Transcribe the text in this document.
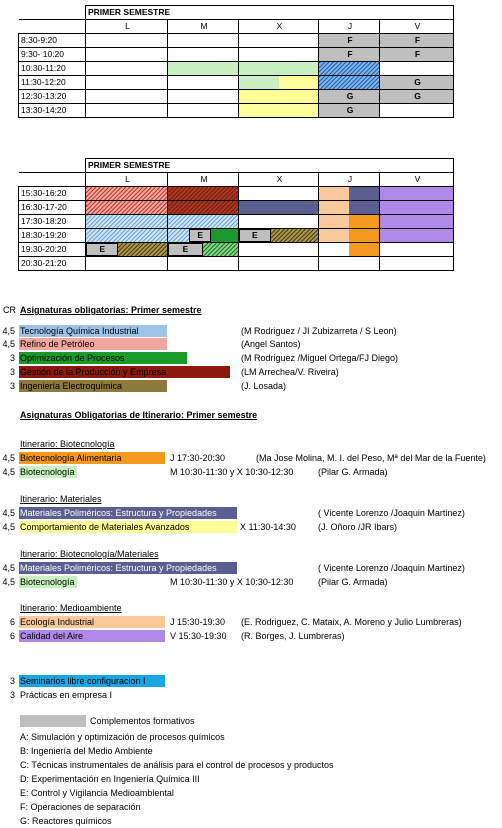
	PRIMER SEMESTRE				
	L	M	X	J	V
8:30-9:20				F	F
9:30- 10:20				F	F
10:30-11:20					
11:30-12:20					G
12:30-13:20				G	G
13:30-14:20				G	
	PRIMER SEMESTRE				
	L	M	X	J	V
15:30-16:20				

16:30-17-20				

17:30-18:20				

18:30-19:20		E	E		

19:30-20:20	E	E			

20:30-21:20					
CR Asignaturas obligatorias: Primer semestre
4,5 Tecnología Química Industrial	(M Rodriguez / JI Zubizarreta / S Leon)
4,5 Refino de Petróleo	(Angel Santos)
3 Optimización de Procesos	(M Rodriguez /Miguel Ortega/FJ Diego)
3 Gestión de la Producción y Empresa	(LM Arrechea/V. Riveira)
3 Ingeniería Electroquímica	(J. Losada)
Asignaturas Obligatorias de Itinerario: Primer semestre
Itinerario: Biotecnología
4,5 Biotecnología Alimentaria	J 17:30-20:30	(Ma Jose Molina, M. I. del Peso, Mª del Mar de la Fuente)
4,5 Biotecnología	M 10:30-11:30 y X 10:30-12:30	(Pilar G. Armada)
Itinerario: Materiales
4,5 Materiales Poliméricos: Estructura y Propiedades	( Vicente Lorenzo /Joaquin Martinez)
4,5 Comportamiento de Materiales Avanzados	X 11:30-14:30 (J. Oñoro /JR Ibars)
Itinerario: Biotecnología/Materiales
4,5 Materiales Poliméricos: Estructura y Propiedades	( Vicente Lorenzo /Joaquin Martinez)
4,5 Biotecnología	M 10:30-11:30 y X 10:30-12:30	(Pilar G. Armada)
Itinerario: Medioambiente
6 Ecología Industrial	J 15:30-19:30 (E. Rodriguez, C. Mataix, A. Moreno y Julio Lumbreras)
6 Calidad del Aire	V 15:30-19:30 (R. Borges, J. Lumbreras)
3 Seminarios libre configuracion I
3 Prácticas en empresa I
Complementos formativos
A: Simulación y optimización de procesos químicos
B: Ingeniería del Medio Ambiente
C: Técnicas instrumentales de análisis para el control de procesos y productos
D: Experimentación en Ingeniería Química III
E: Control y Vigilancia Medioambiental
F: Operaciones de separación
G: Reactores químicos
